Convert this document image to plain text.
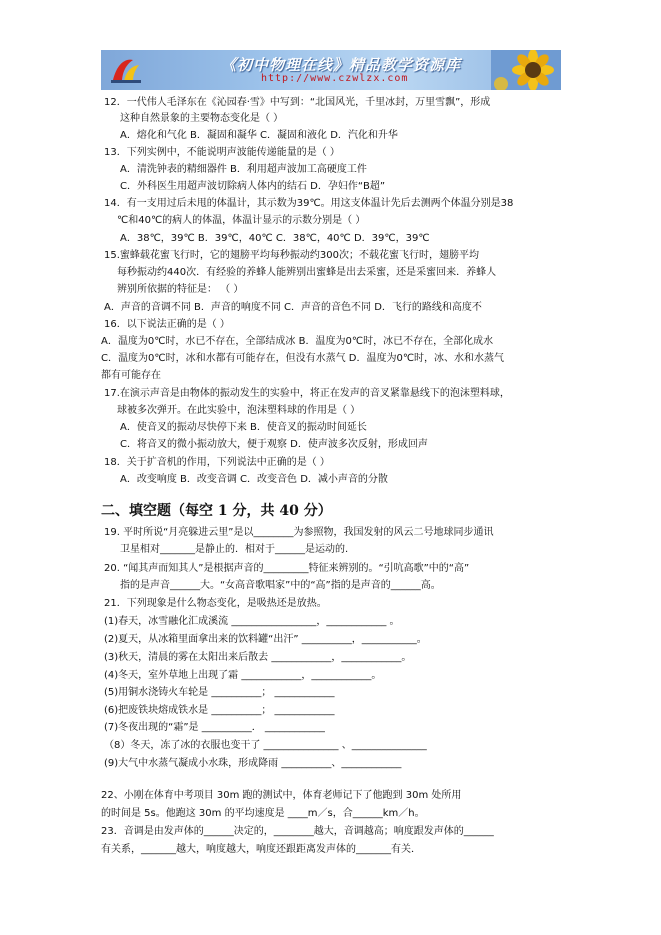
《初中物理在线》精品教学资源库
http://www.czwlzx.com
12．一代伟人毛泽东在《沁园春·雪》中写到：“北国风光，千里冰封，万里雪飘”，形成
这种自然景象的主要物态变化是（ ）
A．熔化和气化 B．凝固和凝华 C．凝固和液化 D．汽化和升华
13．下列实例中，不能说明声波能传递能量的是（ ）
A．清洗钟表的精细器件 B．利用超声波加工高硬度工件
C．外科医生用超声波切除病人体内的结石 D．孕妇作“B超”
14．有一支用过后未甩的体温计，其示数为39℃。用这支体温计先后去测两个体温分别是38
℃和40℃的病人的体温，体温计显示的示数分别是（ ）
A．38℃，39℃ B．39℃，40℃ C．38℃，40℃ D．39℃，39℃
15.蜜蜂载花蜜飞行时，它的翅膀平均每秒振动约300次；不载花蜜飞行时，翅膀平均
每秒振动约440次．有经验的养蜂人能辨别出蜜蜂是出去采蜜，还是采蜜回来．养蜂人
辨别所依据的特征是： （ ）
A．声音的音调不同 B．声音的响度不同 C．声音的音色不同 D．飞行的路线和高度不
16．以下说法正确的是（ ）
A．温度为0℃时，水已不存在，全部结成冰 B．温度为0℃时，冰已不存在，全部化成水
C．温度为0℃时，冰和水都有可能存在，但没有水蒸气 D．温度为0℃时，冰、水和水蒸气
都有可能存在
17.在演示声音是由物体的振动发生的实验中，将正在发声的音叉紧靠悬线下的泡沫塑料球，
球被多次弹开。在此实验中，泡沫塑料球的作用是（ ）
A．使音叉的振动尽快停下来 B．使音叉的振动时间延长
C．将音叉的微小振动放大，便于观察 D．使声波多次反射，形成回声
18．关于扩音机的作用，下列说法中正确的是（ ）
A．改变响度 B．改变音调 C．改变音色 D．减小声音的分散
19. 平时所说“月亮躲进云里”是以________为参照物，我国发射的风云二号地球同步通讯
卫星相对_______是静止的．相对于______是运动的.
20. “闻其声而知其人”是根据声音的_________特征来辨别的。“引吭高歌”中的“高”
指的是声音______大。“女高音歌唱家”中的“高”指的是声音的______高。
21．下列现象是什么物态变化，是吸热还是放热。
(1)春天，冰雪融化汇成溪流 _________________，____________ 。
(2)夏天，从冰箱里面拿出来的饮料罐“出汗” __________，___________。
(3)秋天，清晨的雾在太阳出来后散去 ____________，____________。
(4)冬天，室外草地上出现了霜 ____________，____________。
(5)用铜水浇铸火车轮是 __________； ____________
(6)把废铁块熔成铁水是 __________； ____________
(7)冬夜出现的“霜”是 __________． ____________
（8）冬天，冻了冰的衣服也变干了 _______________ 、_______________
(9)大气中水蒸气凝成小水珠，形成降雨 __________、____________
22、小刚在体育中考项目 30m 跑的测试中，体育老师记下了他跑到 30m 处所用
的时间是 5s。他跑这 30m 的平均速度是 ____m／s，合______km／h。
23．音调是由发声体的______决定的，________越大，音调越高；响度跟发声体的______
有关系，_______越大，响度越大，响度还跟距离发声体的_______有关．
二、填空题（每空 1 分，共 40 分）
